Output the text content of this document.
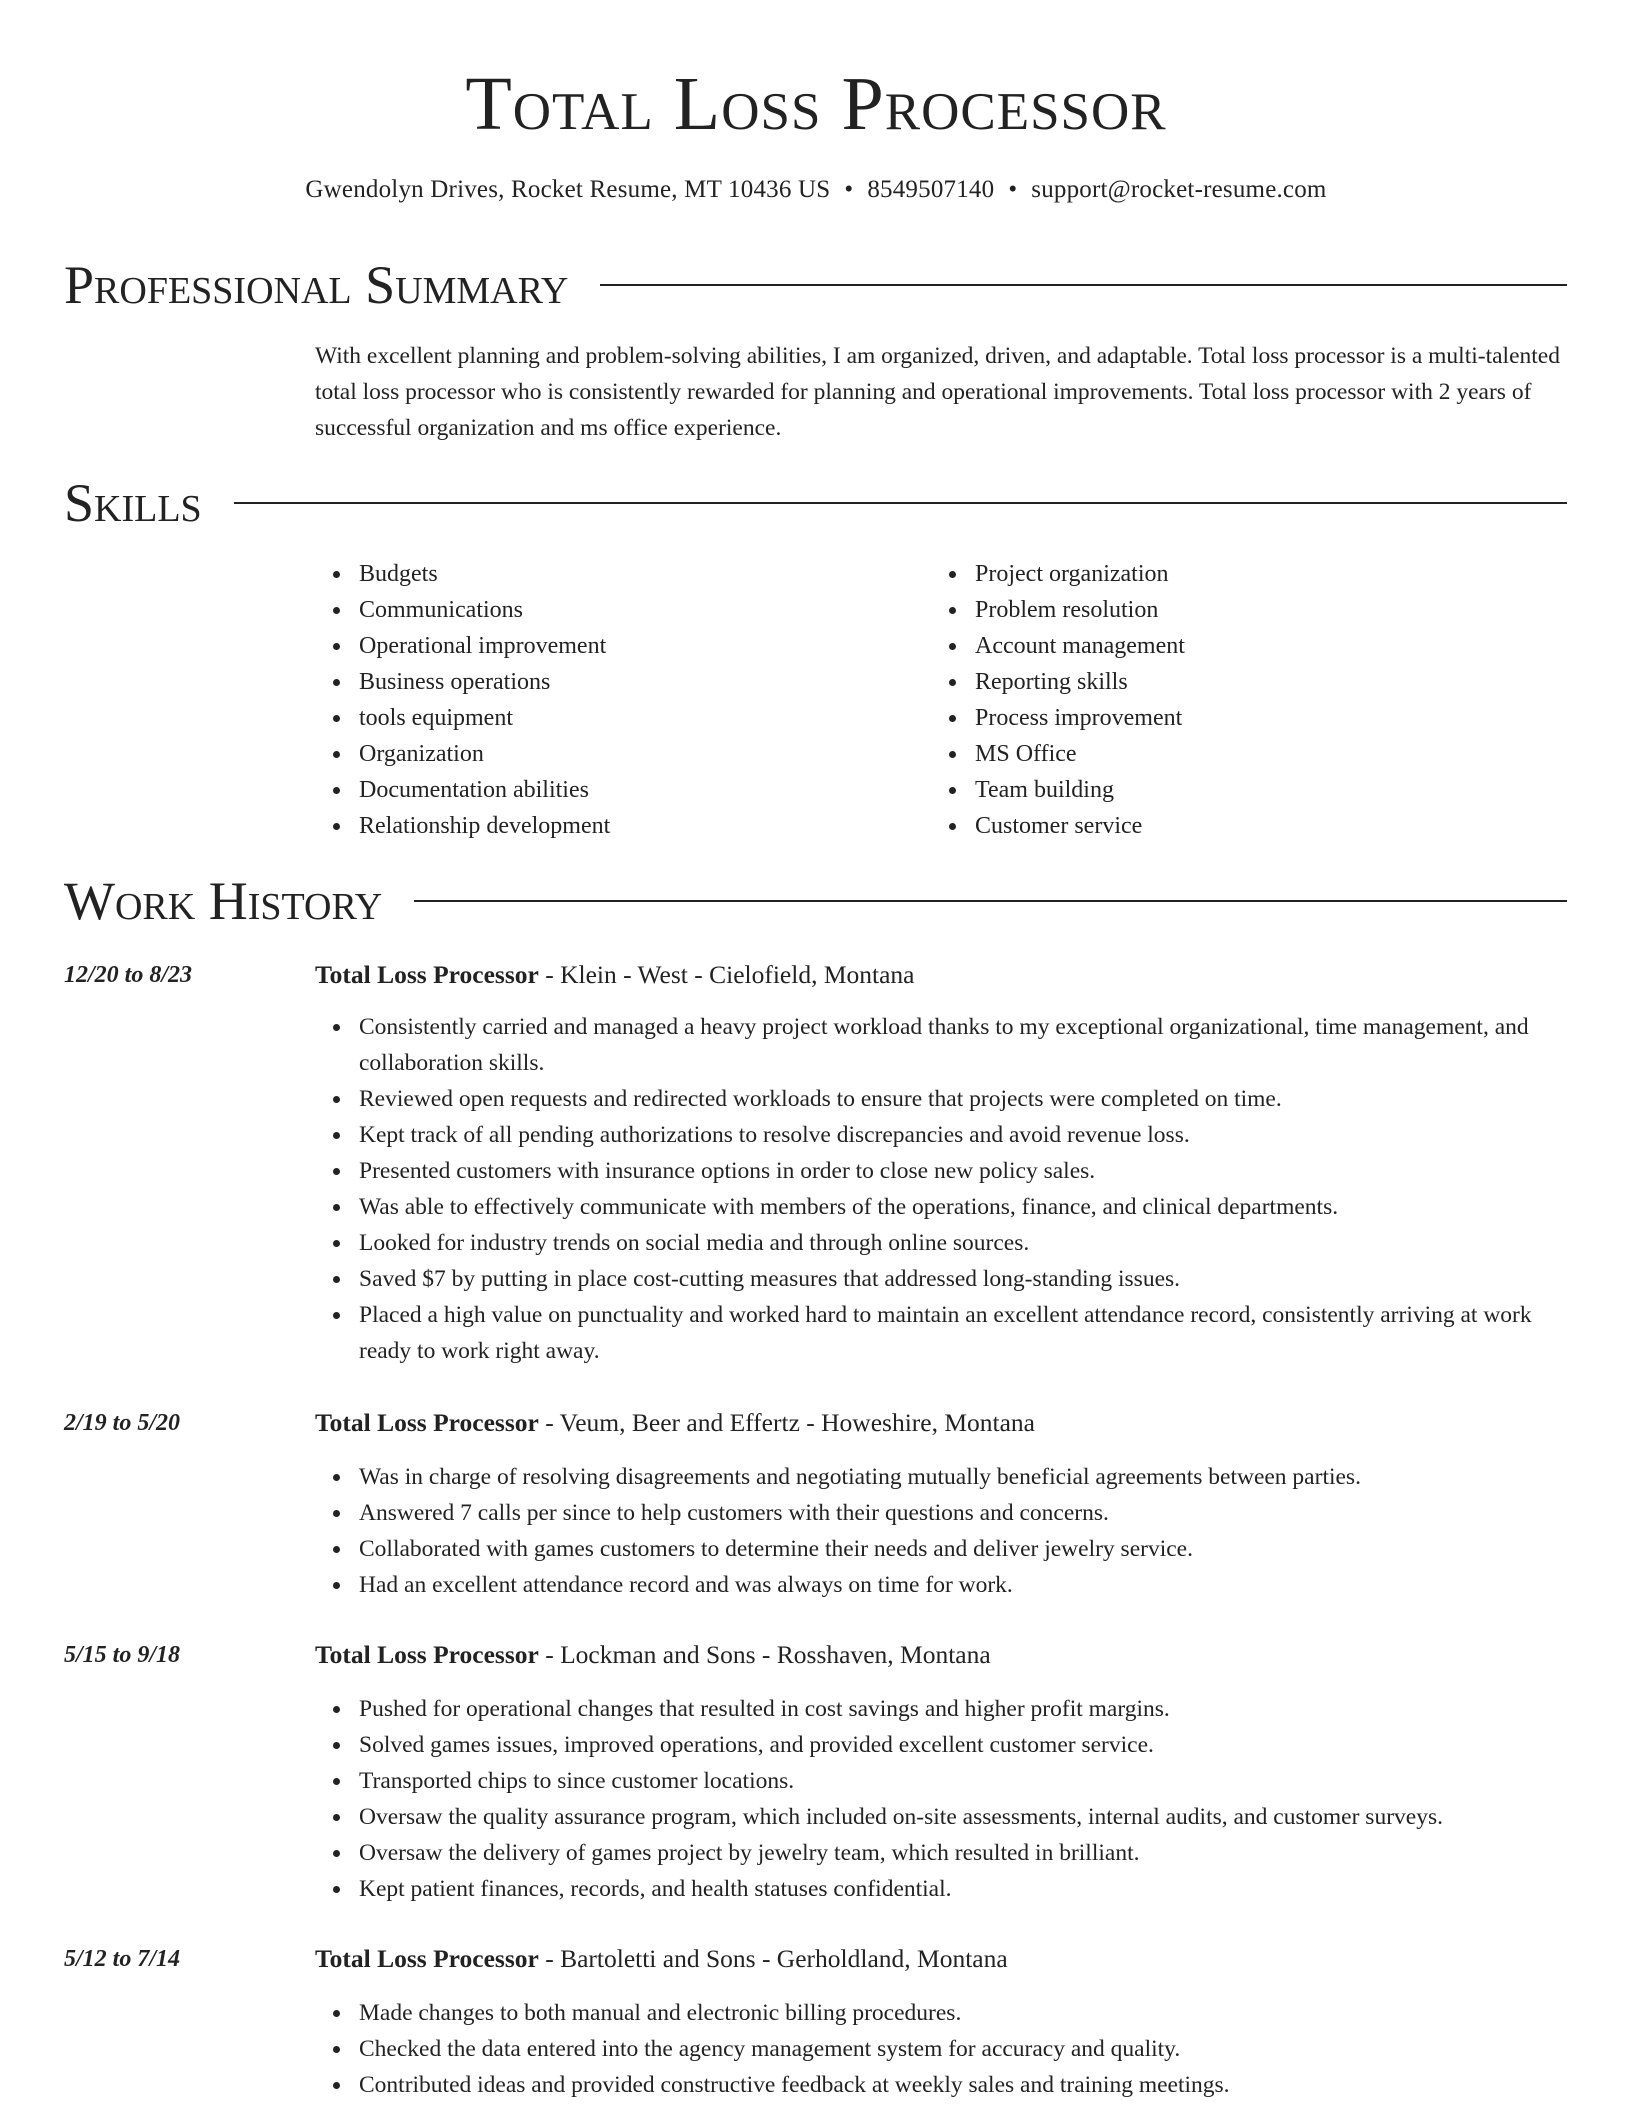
Total Loss Processor
Gwendolyn Drives, Rocket Resume, MT 10436 US • 8549507140 • support@rocket-resume.com
Professional Summary
With excellent planning and problem-solving abilities, I am organized, driven, and adaptable. Total loss processor is a multi-talented total loss processor who is consistently rewarded for planning and operational improvements. Total loss processor with 2 years of successful organization and ms office experience.
Skills
Budgets
Communications
Operational improvement
Business operations
tools equipment
Organization
Documentation abilities
Relationship development
Project organization
Problem resolution
Account management
Reporting skills
Process improvement
MS Office
Team building
Customer service
Work History
12/20 to 8/23	Total Loss Processor - Klein - West - Cielofield, Montana
Consistently carried and managed a heavy project workload thanks to my exceptional organizational, time management, and collaboration skills.
Reviewed open requests and redirected workloads to ensure that projects were completed on time.
Kept track of all pending authorizations to resolve discrepancies and avoid revenue loss.
Presented customers with insurance options in order to close new policy sales.
Was able to effectively communicate with members of the operations, finance, and clinical departments.
Looked for industry trends on social media and through online sources.
Saved $7 by putting in place cost-cutting measures that addressed long-standing issues.
Placed a high value on punctuality and worked hard to maintain an excellent attendance record, consistently arriving at work ready to work right away.
2/19 to 5/20	Total Loss Processor - Veum, Beer and Effertz - Howeshire, Montana
Was in charge of resolving disagreements and negotiating mutually beneficial agreements between parties.
Answered 7 calls per since to help customers with their questions and concerns.
Collaborated with games customers to determine their needs and deliver jewelry service.
Had an excellent attendance record and was always on time for work.
5/15 to 9/18	Total Loss Processor - Lockman and Sons - Rosshaven, Montana
Pushed for operational changes that resulted in cost savings and higher profit margins.
Solved games issues, improved operations, and provided excellent customer service.
Transported chips to since customer locations.
Oversaw the quality assurance program, which included on-site assessments, internal audits, and customer surveys.
Oversaw the delivery of games project by jewelry team, which resulted in brilliant.
Kept patient finances, records, and health statuses confidential.
5/12 to 7/14	Total Loss Processor - Bartoletti and Sons - Gerholdland, Montana
Made changes to both manual and electronic billing procedures.
Checked the data entered into the agency management system for accuracy and quality.
Contributed ideas and provided constructive feedback at weekly sales and training meetings.
